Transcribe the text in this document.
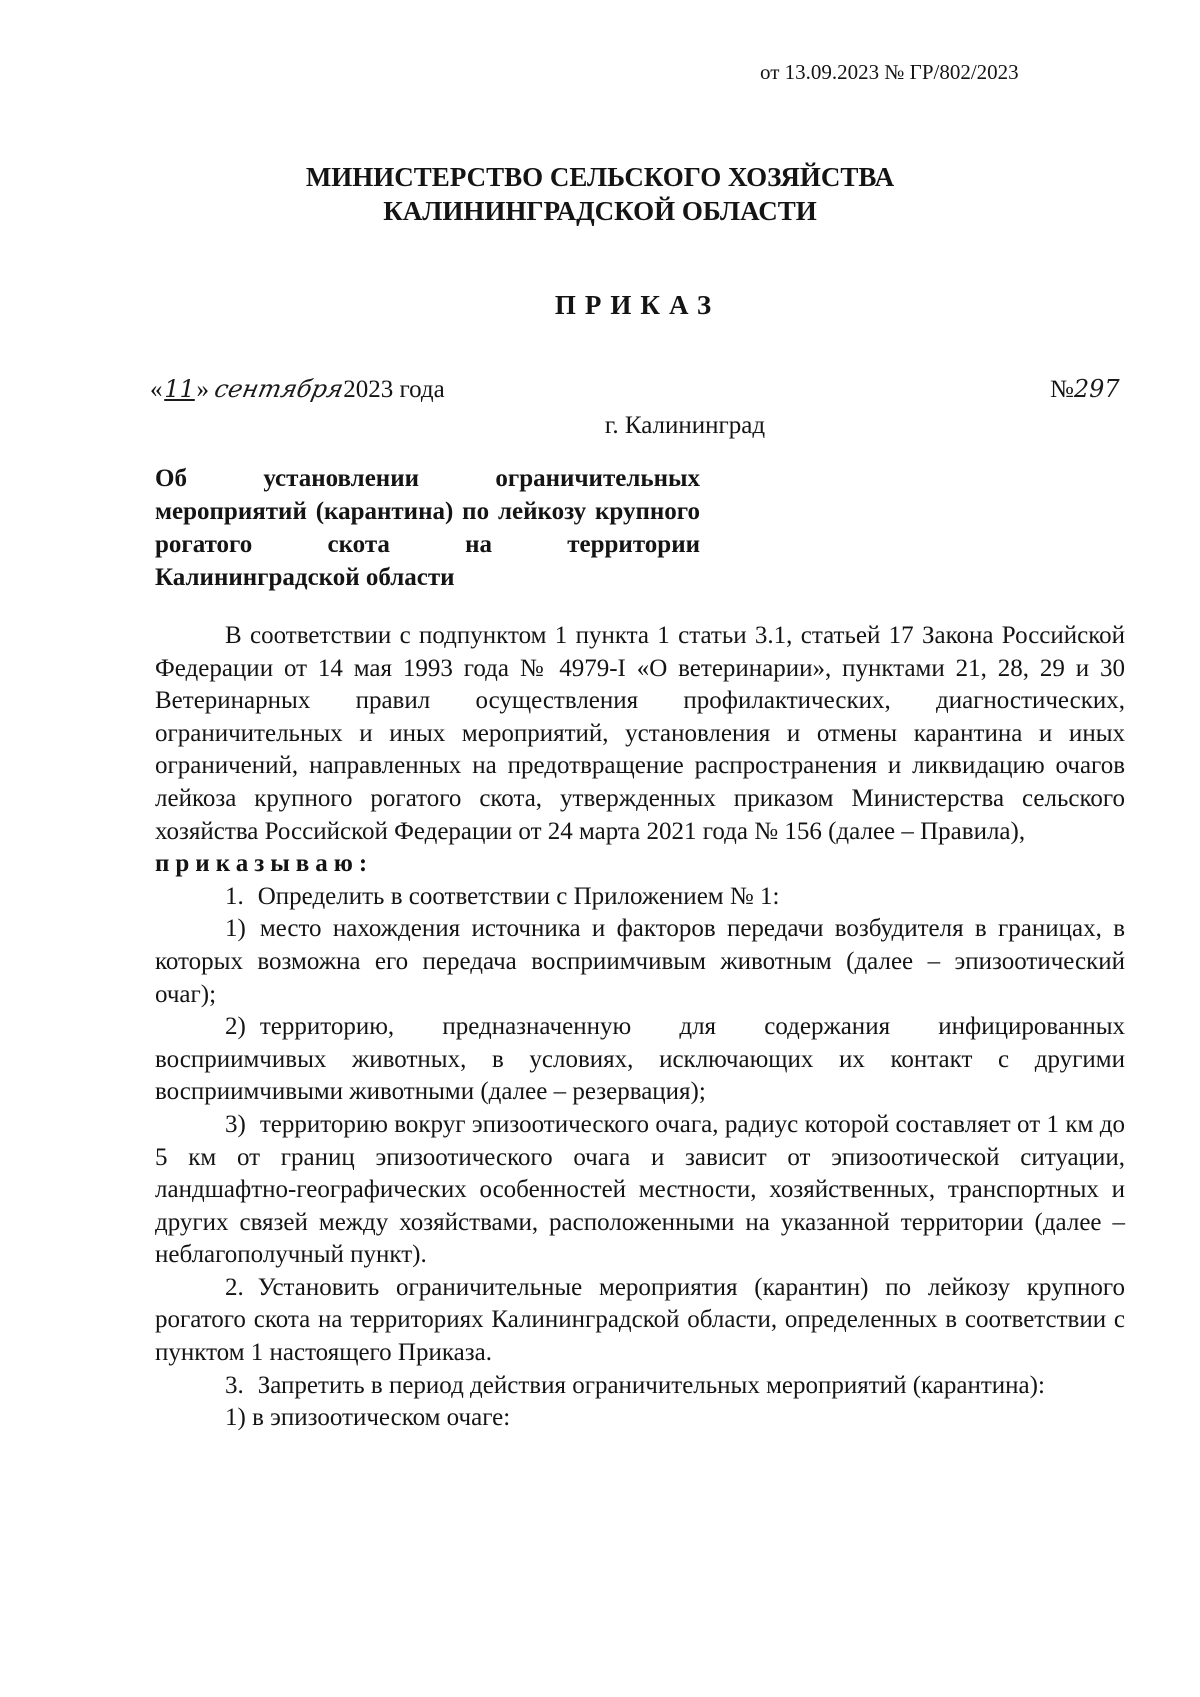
от 13.09.2023 № ГР/802/2023
МИНИСТЕРСТВО СЕЛЬСКОГО ХОЗЯЙСТВА
КАЛИНИНГРАДСКОЙ ОБЛАСТИ
ПРИКАЗ
«11» сентября2023 года	№297
г. Калининград
Об установлении ограничительных мероприятий (карантина) по лейкозу крупного рогатого скота на территории Калининградской области

В соответствии с подпунктом 1 пункта 1 статьи 3.1, статьей 17 Закона Российской Федерации от 14 мая 1993 года № 4979-I «О ветеринарии», пунктами 21, 28, 29 и 30 Ветеринарных правил осуществления профилактических, диагностических, ограничительных и иных мероприятий, установления и отмены карантина и иных ограничений, направленных на предотвращение распространения и ликвидацию очагов лейкоза крупного рогатого скота, утвержденных приказом Министерства сельского хозяйства Российской Федерации от 24 марта 2021 года № 156 (далее – Правила),

приказываю:

1. Определить в соответствии с Приложением № 1:

1) место нахождения источника и факторов передачи возбудителя в границах, в которых возможна его передача восприимчивым животным (далее – эпизоотический очаг);

2) территорию, предназначенную для содержания инфицированных восприимчивых животных, в условиях, исключающих их контакт с другими восприимчивыми животными (далее – резервация);

3) территорию вокруг эпизоотического очага, радиус которой составляет от 1 км до 5 км от границ эпизоотического очага и зависит от эпизоотической ситуации, ландшафтно-географических особенностей местности, хозяйственных, транспортных и других связей между хозяйствами, расположенными на указанной территории (далее – неблагополучный пункт).

2. Установить ограничительные мероприятия (карантин) по лейкозу крупного рогатого скота на территориях Калининградской области, определенных в соответствии с пунктом 1 настоящего Приказа.

3. Запретить в период действия ограничительных мероприятий (карантина):

1) в эпизоотическом очаге:
